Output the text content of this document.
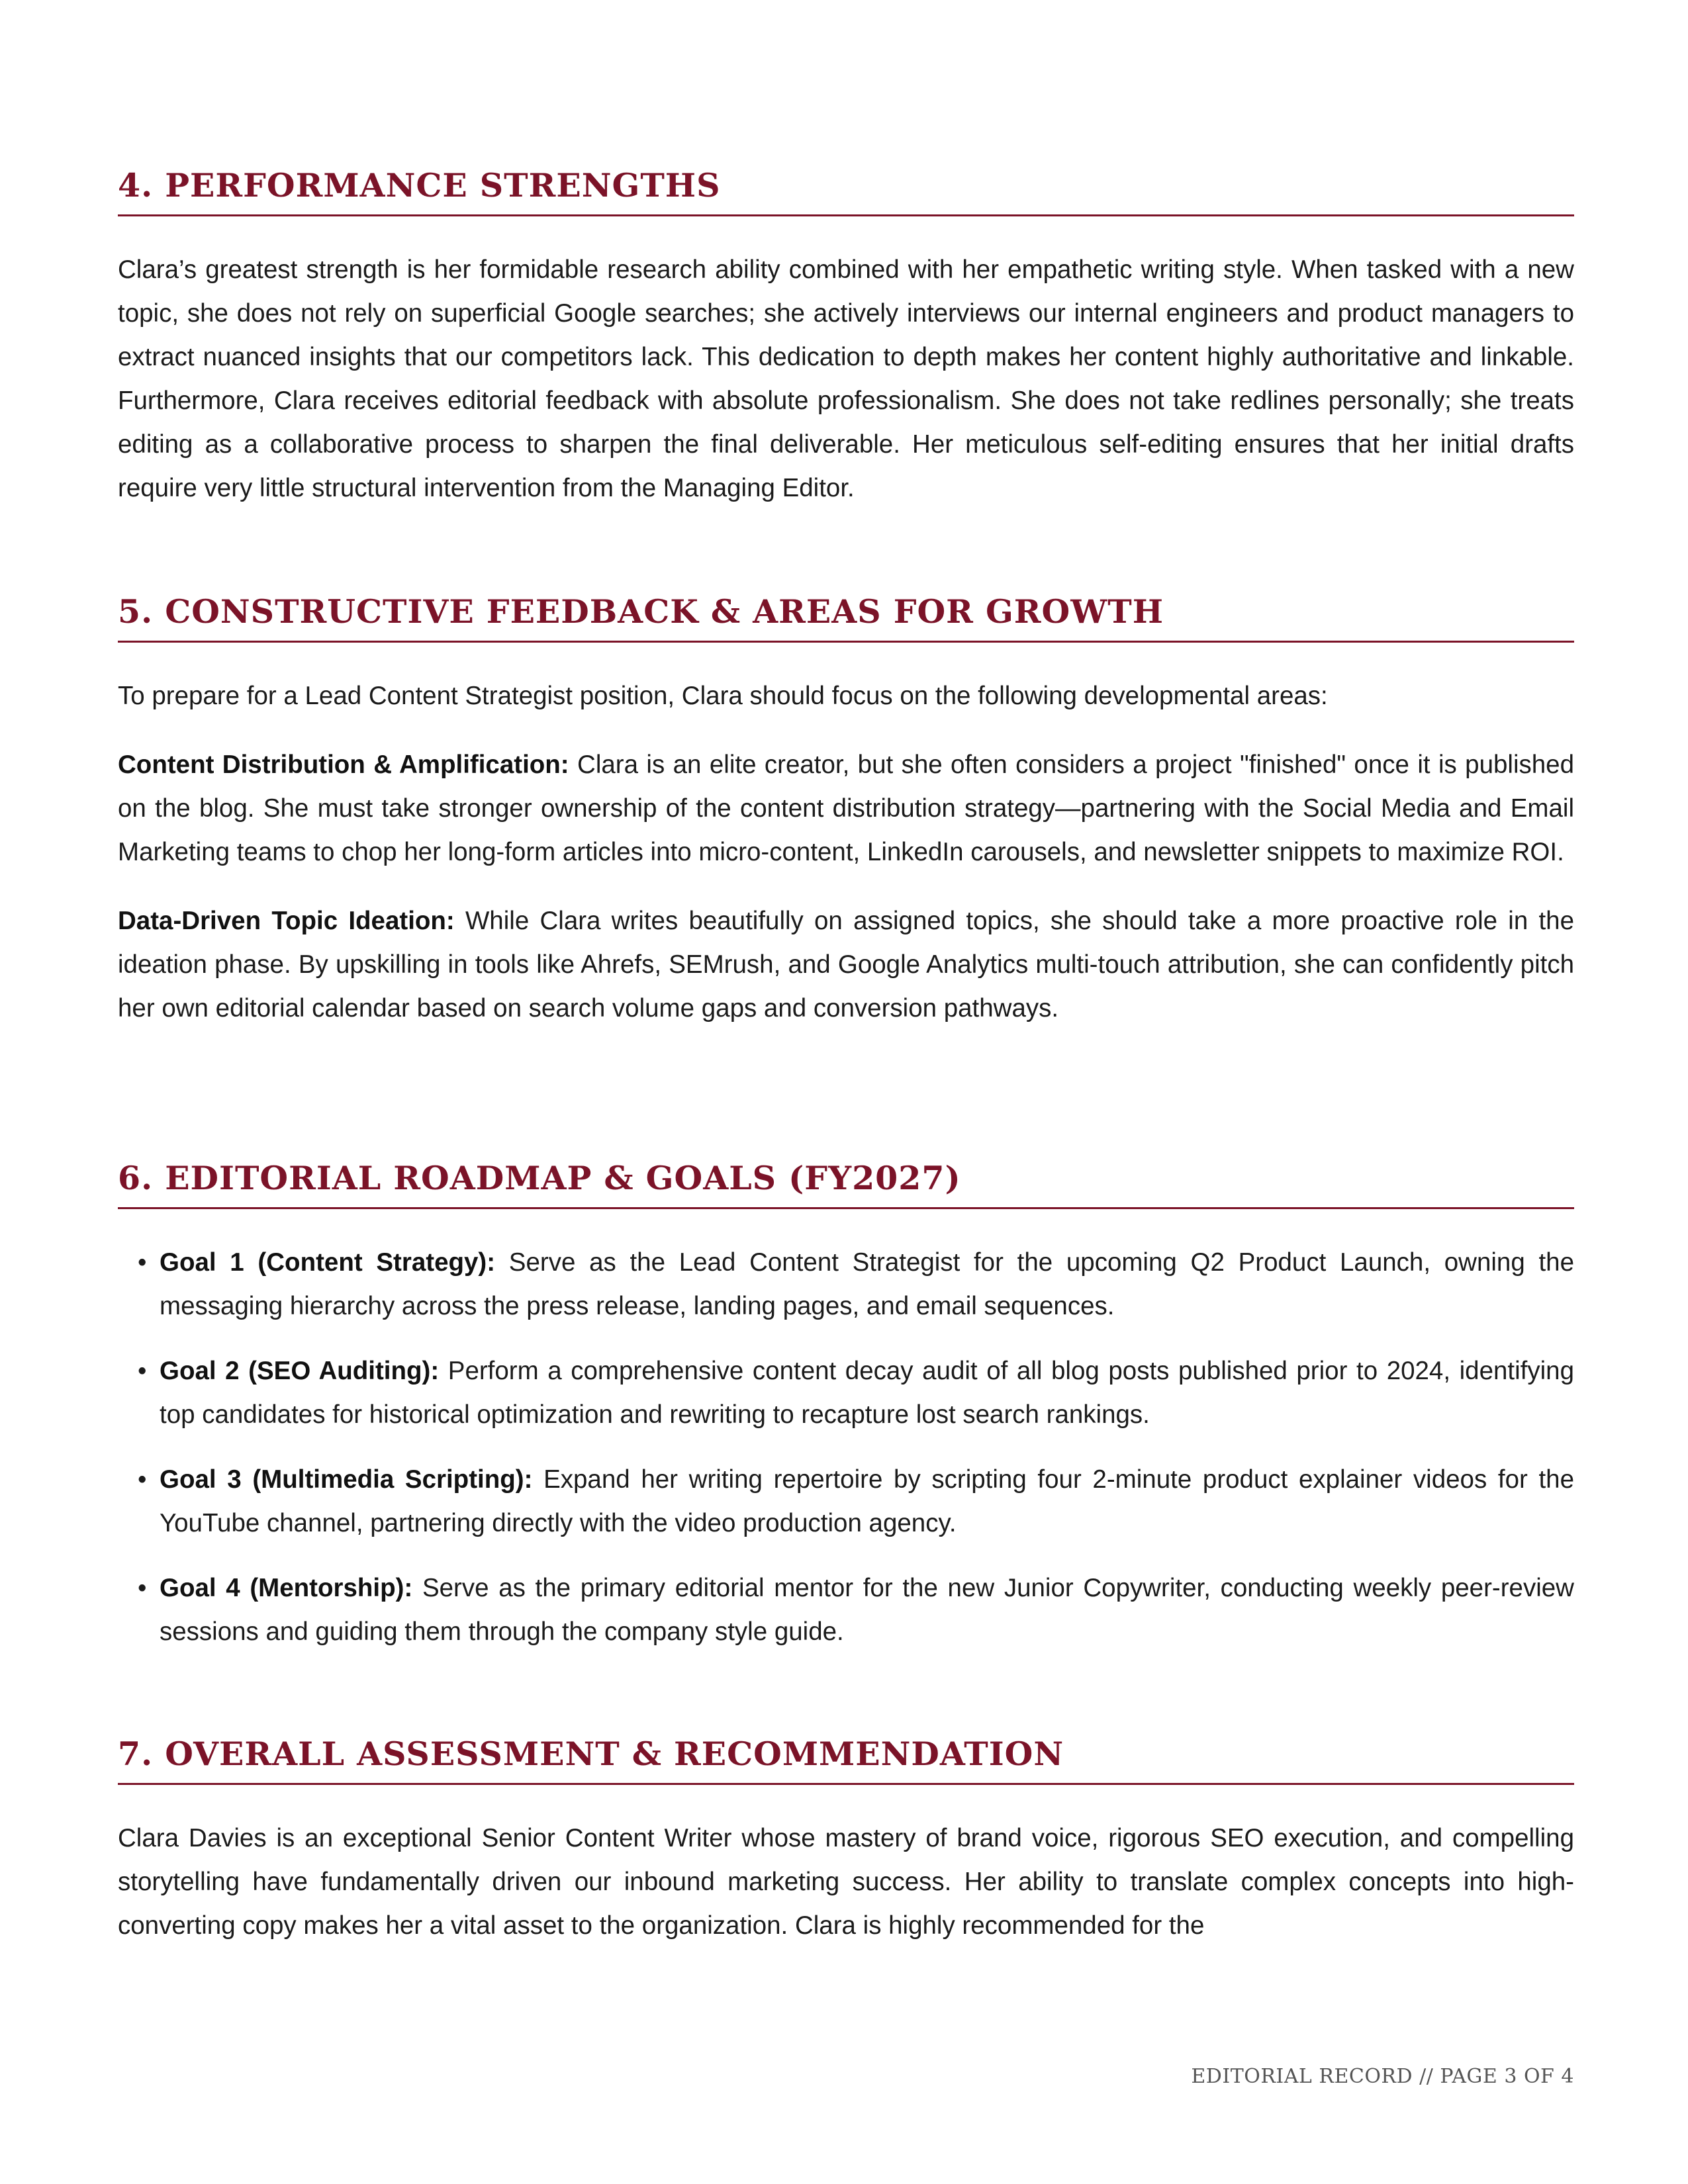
4. PERFORMANCE STRENGTHS

Clara’s greatest strength is her formidable research ability combined with her empathetic writing style. When tasked with a new topic, she does not rely on superficial Google searches; she actively interviews our internal engineers and product managers to extract nuanced insights that our competitors lack. This dedication to depth makes her content highly authoritative and linkable. Furthermore, Clara receives editorial feedback with absolute professionalism. She does not take redlines personally; she treats editing as a collaborative process to sharpen the final deliverable. Her meticulous self-editing ensures that her initial drafts require very little structural intervention from the Managing Editor.

5. CONSTRUCTIVE FEEDBACK & AREAS FOR GROWTH

To prepare for a Lead Content Strategist position, Clara should focus on the following developmental areas:

Content Distribution & Amplification: Clara is an elite creator, but she often considers a project "finished" once it is published on the blog. She must take stronger ownership of the content distribution strategy—partnering with the Social Media and Email Marketing teams to chop her long-form articles into micro-content, LinkedIn carousels, and newsletter snippets to maximize ROI.

Data-Driven Topic Ideation: While Clara writes beautifully on assigned topics, she should take a more proactive role in the ideation phase. By upskilling in tools like Ahrefs, SEMrush, and Google Analytics multi-touch attribution, she can confidently pitch her own editorial calendar based on search volume gaps and conversion pathways.

6. EDITORIAL ROADMAP & GOALS (FY2027)
• Goal 1 (Content Strategy): Serve as the Lead Content Strategist for the upcoming Q2 Product Launch, owning the messaging hierarchy across the press release, landing pages, and email sequences.

• Goal 2 (SEO Auditing): Perform a comprehensive content decay audit of all blog posts published prior to 2024, identifying top candidates for historical optimization and rewriting to recapture lost search rankings.

• Goal 3 (Multimedia Scripting): Expand her writing repertoire by scripting four 2-minute product explainer videos for the YouTube channel, partnering directly with the video production agency.

• Goal 4 (Mentorship): Serve as the primary editorial mentor for the new Junior Copywriter, conducting weekly peer-review sessions and guiding them through the company style guide.

7. OVERALL ASSESSMENT & RECOMMENDATION

Clara Davies is an exceptional Senior Content Writer whose mastery of brand voice, rigorous SEO execution, and compelling storytelling have fundamentally driven our inbound marketing success. Her ability to translate complex concepts into high-converting copy makes her a vital asset to the organization. Clara is highly recommended for the

EDITORIAL RECORD // PAGE 3 OF 4
